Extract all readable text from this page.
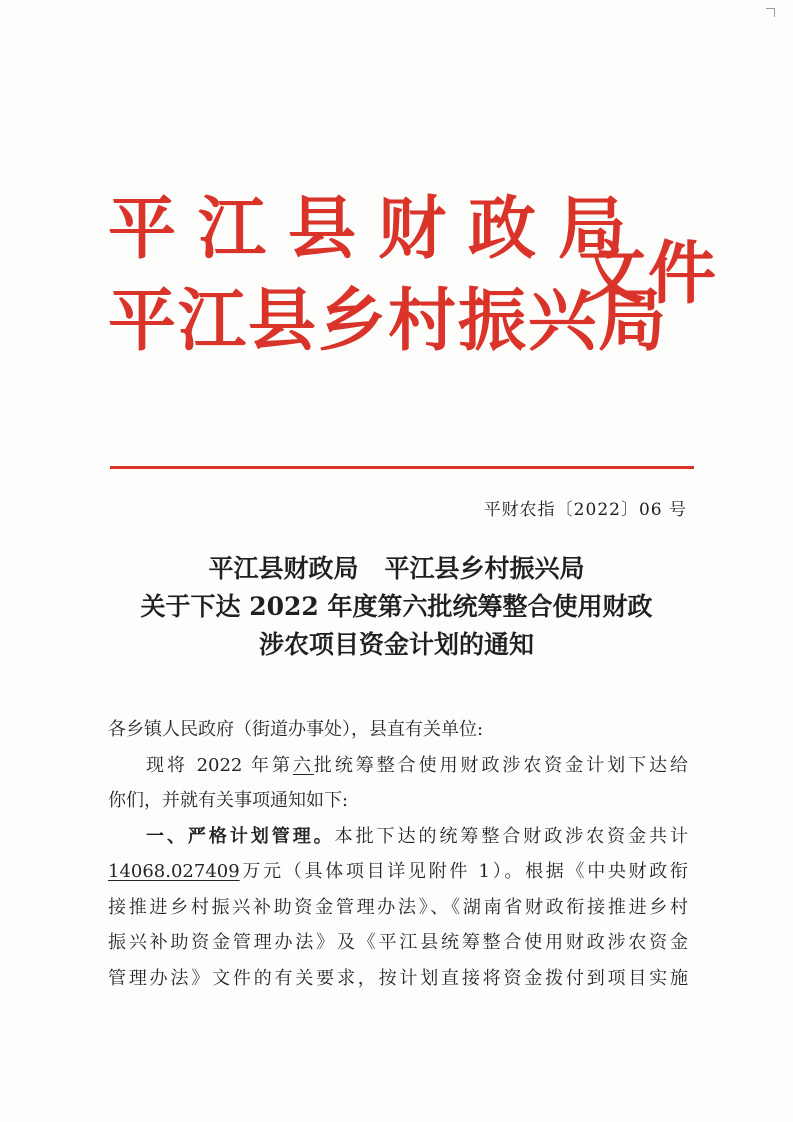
平江县财政局
平江县乡村振兴局
文件
平财农指〔2022〕06 号
平江县财政局 平江县乡村振兴局
关于下达 2022 年度第六批统筹整合使用财政
涉农项目资金计划的通知
各乡镇人民政府（街道办事处），县直有关单位:
现将 2022 年第六批统筹整合使用财政涉农资金计划下达给
你们，并就有关事项通知如下:
一、严格计划管理。本批下达的统筹整合财政涉农资金共计
14068.027409万元（具体项目详见附件 1）。根据《中央财政衔
接推进乡村振兴补助资金管理办法》、《湖南省财政衔接推进乡村
振兴补助资金管理办法》及《平江县统筹整合使用财政涉农资金
管理办法》文件的有关要求，按计划直接将资金拨付到项目实施
